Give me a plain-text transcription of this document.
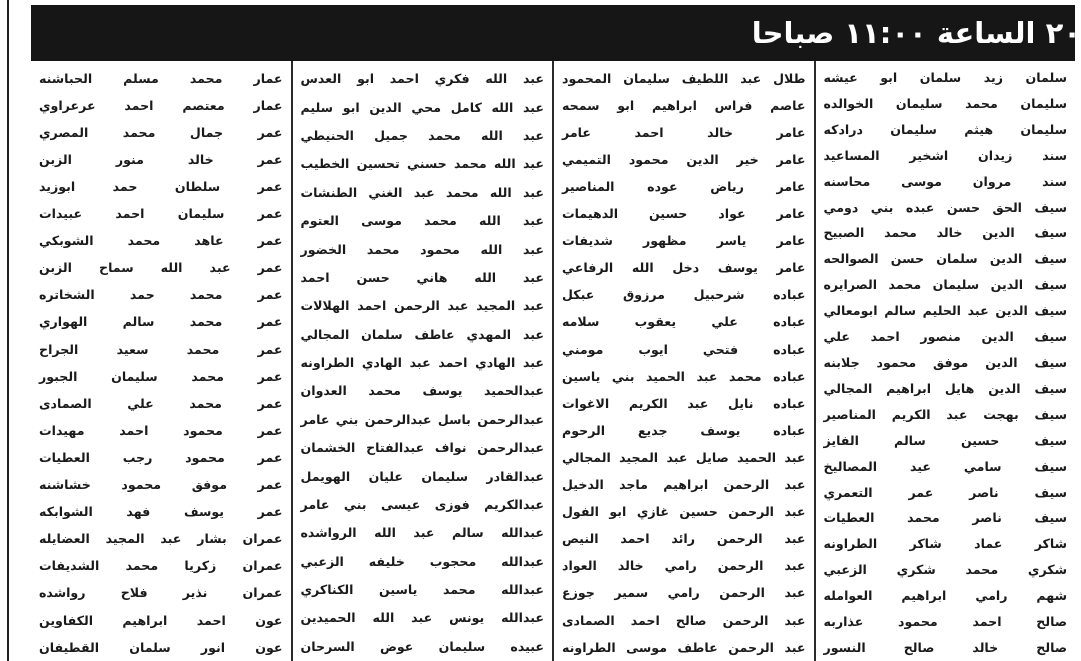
٢٠ الساعة ١١:٠٠ صباحا
سلمان زيد سلمان ابو عيشه
سليمان محمد سليمان الخوالده
سليمان هيثم سليمان درادكه
سند زيدان اشخير المساعيد
سند مروان موسى محاسنه
سيف الحق حسن عبده بني دومي
سيف الدين خالد محمد الصبيح
سيف الدين سلمان حسن الصوالحه
سيف الدين سليمان محمد الصرايره
سيف الدين عبد الحليم سالم ابومعالي
سيف الدين منصور احمد علي
سيف الدين موفق محمود جلابنه
سيف الدين هايل ابراهيم المجالي
سيف بهجت عبد الكريم المناصير
سيف حسين سالم الفايز
سيف سامي عيد المصاليخ
سيف ناصر عمر التعمري
سيف ناصر محمد العطيات
شاكر عماد شاكر الطراونه
شكري محمد شكري الزعبي
شهم رامي ابراهيم العوامله
صالح احمد محمود عذاربه
صالح خالد صالح النسور
طلال عبد اللطيف سليمان المحمود
عاصم فراس ابراهيم ابو سمحه
عامر خالد احمد عامر
عامر خير الدين محمود التميمي
عامر رياض عوده المناصير
عامر عواد حسين الدهيمات
عامر ياسر مظهور شديفات
عامر يوسف دخل الله الرفاعي
عباده شرحبيل مرزوق عبكل
عباده علي يعقوب سلامه
عباده فتحي ايوب مومني
عباده محمد عبد الحميد بني ياسين
عباده نايل عبد الكريم الاغوات
عباده يوسف جديع الرحوم
عبد الحميد صايل عبد المجيد المجالي
عبد الرحمن ابراهيم ماجد الدخيل
عبد الرحمن حسين غازي ابو الفول
عبد الرحمن رائد احمد النيص
عبد الرحمن رامي خالد العواد
عبد الرحمن رامي سمير جوزع
عبد الرحمن صالح احمد الصمادى
عبد الرحمن عاطف موسى الطراونه
عبد الله فكري احمد ابو العدس
عبد الله كامل محي الدين ابو سليم
عبد الله محمد جميل الحنيطي
عبد الله محمد حسني تحسين الخطيب
عبد الله محمد عبد الغني الطنشات
عبد الله محمد موسى العتوم
عبد الله محمود محمد الخضور
عبد الله هاني حسن احمد
عبد المجيد عبد الرحمن احمد الهلالات
عبد المهدي عاطف سلمان المجالي
عبد الهادي احمد عبد الهادي الطراونه
عبدالحميد يوسف محمد العدوان
عبدالرحمن باسل عبدالرحمن بني عامر
عبدالرحمن نواف عبدالفتاح الخشمان
عبدالقادر سليمان عليان الهويمل
عبدالكريم فوزى عيسى بني عامر
عبدالله سالم عبد الله الرواشده
عبدالله محجوب خليفه الزعبي
عبدالله محمد ياسين الكناكري
عبدالله يونس عبد الله الحميدين
عبيده سليمان عوض السرحان
عمار محمد مسلم الحباشنه
عمار معتصم احمد عرعراوي
عمر جمال محمد المصري
عمر خالد منور الزبن
عمر سلطان حمد ابوزيد
عمر سليمان احمد عبيدات
عمر عاهد محمد الشوبكي
عمر عبد الله سماح الزبن
عمر محمد حمد الشخاتره
عمر محمد سالم الهواري
عمر محمد سعيد الجراح
عمر محمد سليمان الجبور
عمر محمد علي الصمادى
عمر محمود احمد مهيدات
عمر محمود رجب العطيات
عمر موفق محمود خشاشنه
عمر يوسف فهد الشوابكه
عمران بشار عبد المجيد العضايله
عمران زكريا محمد الشديفات
عمران نذير فلاح رواشده
عون احمد ابراهيم الكفاوين
عون انور سلمان القطيفان
